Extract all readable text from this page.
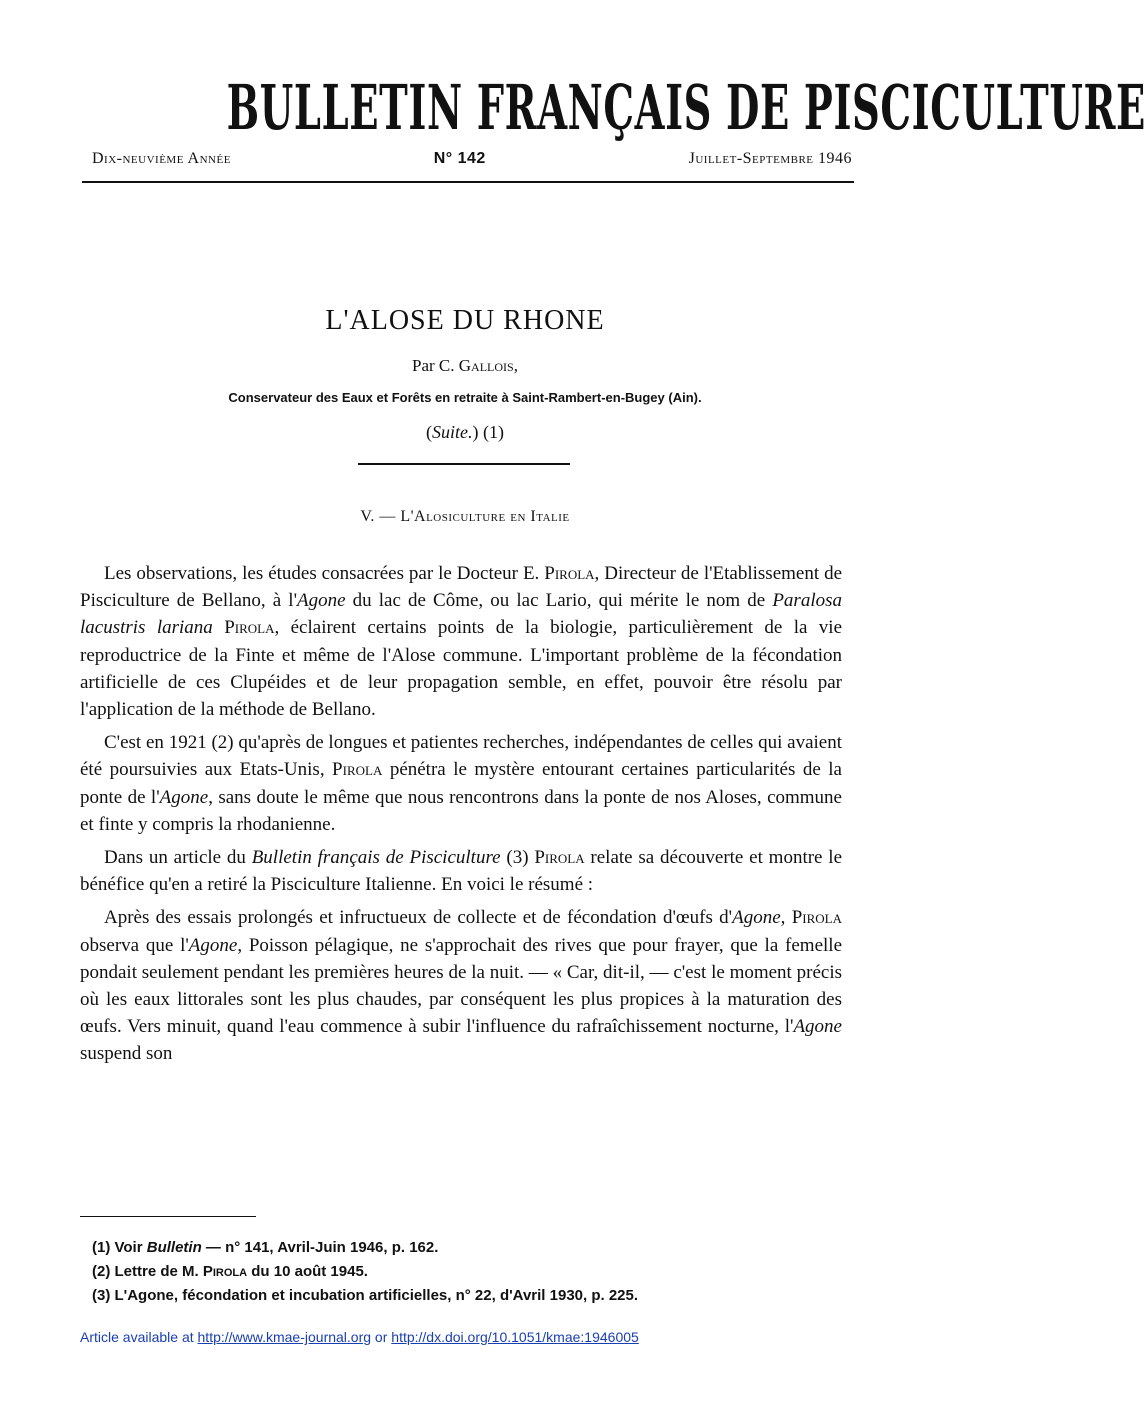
BULLETIN FRANÇAIS DE PISCICULTURE
Dix-neuvième Année	N° 142	Juillet-Septembre 1946
L'ALOSE DU RHONE
Par C. Gallois,
Conservateur des Eaux et Forêts en retraite à Saint-Rambert-en-Bugey (Ain).
(Suite.) (1)
V. — L'Alosiculture en Italie

Les observations, les études consacrées par le Docteur E. Pirola, Directeur de l'Etablissement de Pisciculture de Bellano, à l'Agone du lac de Côme, ou lac Lario, qui mérite le nom de Paralosa lacustris lariana Pirola, éclairent certains points de la biologie, particulièrement de la vie reproductrice de la Finte et même de l'Alose commune. L'important problème de la fécondation artificielle de ces Clupéides et de leur propagation semble, en effet, pouvoir être résolu par l'application de la méthode de Bellano.

C'est en 1921 (2) qu'après de longues et patientes recherches, indépendantes de celles qui avaient été poursuivies aux Etats-Unis, Pirola pénétra le mystère entourant certaines particularités de la ponte de l'Agone, sans doute le même que nous rencontrons dans la ponte de nos Aloses, commune et finte y compris la rhodanienne.

Dans un article du Bulletin français de Pisciculture (3) Pirola relate sa découverte et montre le bénéfice qu'en a retiré la Pisciculture Italienne. En voici le résumé :

Après des essais prolongés et infructueux de collecte et de fécondation d'œufs d'Agone, Pirola observa que l'Agone, Poisson pélagique, ne s'approchait des rives que pour frayer, que la femelle pondait seulement pendant les premières heures de la nuit. — « Car, dit-il, — c'est le moment précis où les eaux littorales sont les plus chaudes, par conséquent les plus propices à la maturation des œufs. Vers minuit, quand l'eau commence à subir l'influence du rafraîchissement nocturne, l'Agone suspend son

(1) Voir Bulletin — n° 141, Avril-Juin 1946, p. 162.
(2) Lettre de M. Pirola du 10 août 1945.
(3) L'Agone, fécondation et incubation artificielles, n° 22, d'Avril 1930, p. 225.
Article available at http://www.kmae-journal.org or http://dx.doi.org/10.1051/kmae:1946005
